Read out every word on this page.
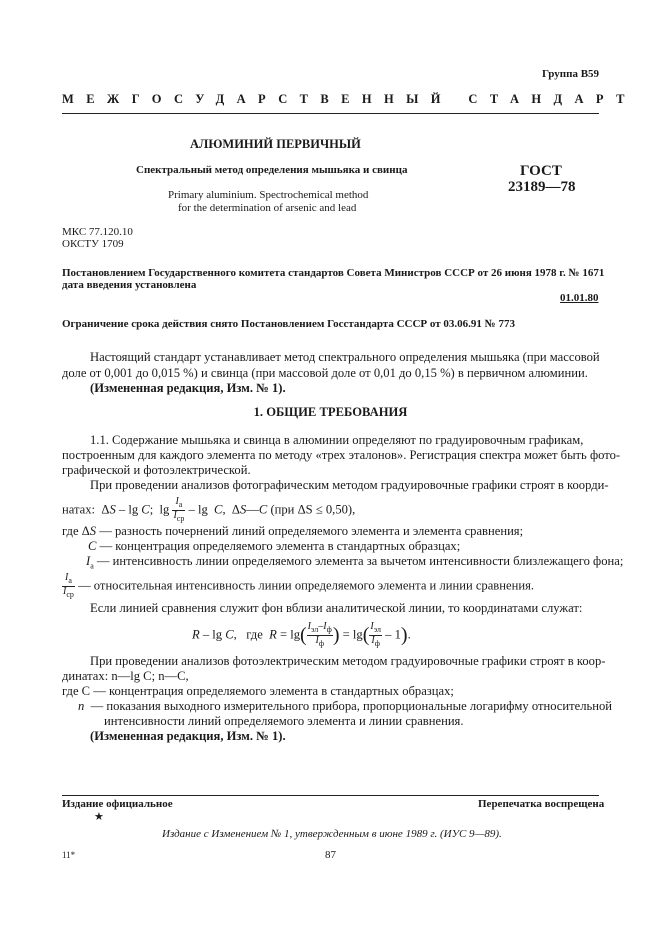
Группа В59
МЕЖГОСУДАРСТВЕННЫЙ СТАНДАРТ
АЛЮМИНИЙ ПЕРВИЧНЫЙ
Спектральный метод определения мышьяка и свинца
Primary aluminium. Spectrochemical method
for the determination of arsenic and lead
ГОСТ
23189—78
МКС 77.120.10
ОКСТУ 1709
Постановлением Государственного комитета стандартов Совета Министров СССР от 26 июня 1978 г. № 1671
дата введения установлена
01.01.80
Ограничение срока действия снято Постановлением Госстандарта СССР от 03.06.91 № 773
Настоящий стандарт устанавливает метод спектрального определения мышьяка (при массовой
доле от 0,001 до 0,015 %) и свинца (при массовой доле от 0,01 до 0,15 %) в первичном алюминии.
(Измененная редакция, Изм. № 1).
1. ОБЩИЕ ТРЕБОВАНИЯ
1.1. Содержание мышьяка и свинца в алюминии определяют по градуировочным графикам,
построенным для каждого элемента по методу «трех эталонов». Регистрация спектра может быть фото-
графической и фотоэлектрической.
При проведении анализов фотографическим методом градуировочные графики строят в коорди-
натах:  ΔS – lg C;  $\lg \frac{I_а}{I_{ср}}$ – lg  C,  ΔS—C (при ΔS ≤ 0,50),
где ΔS — разность почернений линий определяемого элемента и элемента сравнения;
C — концентрация определяемого элемента в стандартных образцах;
$I_а$ — интенсивность линии определяемого элемента за вычетом интенсивности близлежащего фона;
$\frac{I_а}{I_{ср}}$ — относительная интенсивность линии определяемого элемента и линии сравнения.
Если линией сравнения служит фон вблизи аналитической линии, то координатами служат:
R – lg C,   где $R = \lg( \frac{I_{эл}-I_ф}{I_ф}$ ) = $\lg( \frac{I_{эл}}{I_ф} - 1)$.
При проведении анализов фотоэлектрическим методом градуировочные графики строят в коор-
динатах: n—lg C; n—C,
где C — концентрация определяемого элемента в стандартных образцах;
n — показания выходного измерительного прибора, пропорциональные логарифму относительной
интенсивности линий определяемого элемента и линии сравнения.
(Измененная редакция, Изм. № 1).
Издание официальное	Перепечатка воспрещена
★
Издание с Изменением № 1, утвержденным в июне 1989 г. (ИУС 9—89).
11*	87
